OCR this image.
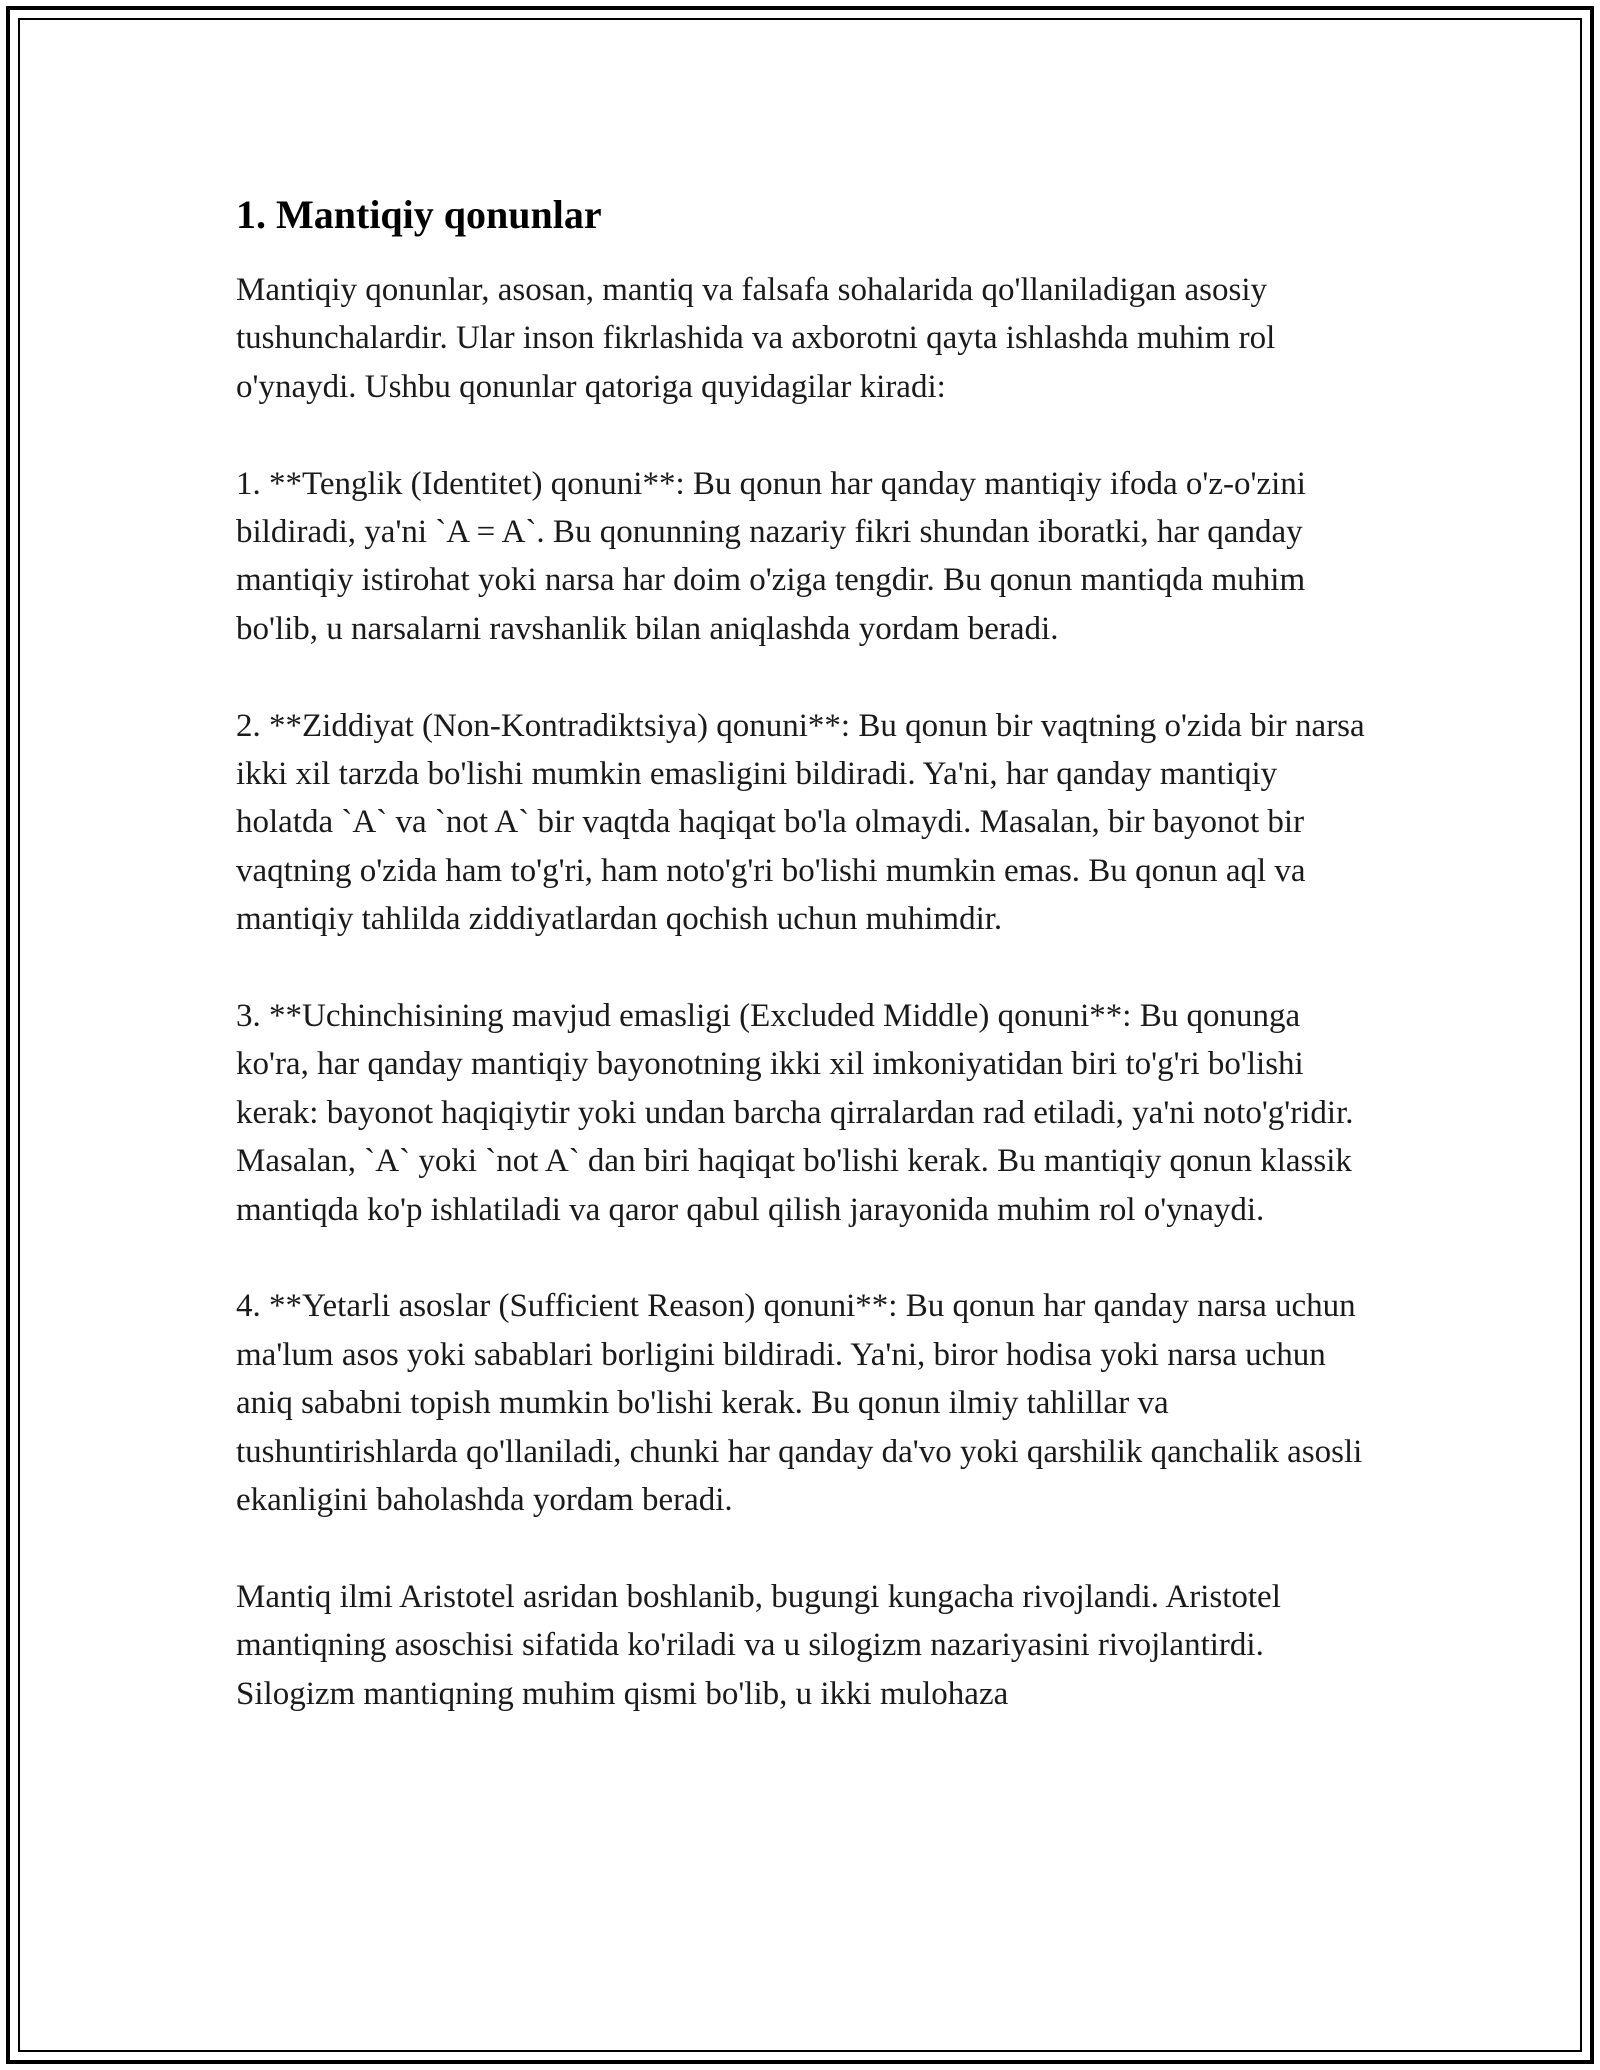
1. Mantiqiy qonunlar

Mantiqiy qonunlar, asosan, mantiq va falsafa sohalarida qo'llaniladigan asosiy tushunchalardir. Ular inson fikrlashida va axborotni qayta ishlashda muhim rol o'ynaydi. Ushbu qonunlar qatoriga quyidagilar kiradi:

1. **Tenglik (Identitet) qonuni**: Bu qonun har qanday mantiqiy ifoda o'z-o'zini bildiradi, ya'ni `A = A`. Bu qonunning nazariy fikri shundan iboratki, har qanday mantiqiy istirohat yoki narsa har doim o'ziga tengdir. Bu qonun mantiqda muhim bo'lib, u narsalarni ravshanlik bilan aniqlashda yordam beradi.

2. **Ziddiyat (Non-Kontradiktsiya) qonuni**: Bu qonun bir vaqtning o'zida bir narsa ikki xil tarzda bo'lishi mumkin emasligini bildiradi. Ya'ni, har qanday mantiqiy holatda `A` va `not A` bir vaqtda haqiqat bo'la olmaydi. Masalan, bir bayonot bir vaqtning o'zida ham to'g'ri, ham noto'g'ri bo'lishi mumkin emas. Bu qonun aql va mantiqiy tahlilda ziddiyatlardan qochish uchun muhimdir.

3. **Uchinchisining mavjud emasligi (Excluded Middle) qonuni**: Bu qonunga ko'ra, har qanday mantiqiy bayonotning ikki xil imkoniyatidan biri to'g'ri bo'lishi kerak: bayonot haqiqiytir yoki undan barcha qirralardan rad etiladi, ya'ni noto'g'ridir. Masalan, `A` yoki `not A` dan biri haqiqat bo'lishi kerak. Bu mantiqiy qonun klassik mantiqda ko'p ishlatiladi va qaror qabul qilish jarayonida muhim rol o'ynaydi.

4. **Yetarli asoslar (Sufficient Reason) qonuni**: Bu qonun har qanday narsa uchun ma'lum asos yoki sabablari borligini bildiradi. Ya'ni, biror hodisa yoki narsa uchun aniq sababni topish mumkin bo'lishi kerak. Bu qonun ilmiy tahlillar va tushuntirishlarda qo'llaniladi, chunki har qanday da'vo yoki qarshilik qanchalik asosli ekanligini baholashda yordam beradi.

Mantiq ilmi Aristotel asridan boshlanib, bugungi kungacha rivojlandi. Aristotel mantiqning asoschisi sifatida ko'riladi va u silogizm nazariyasini rivojlantirdi. Silogizm mantiqning muhim qismi bo'lib, u ikki mulohaza
